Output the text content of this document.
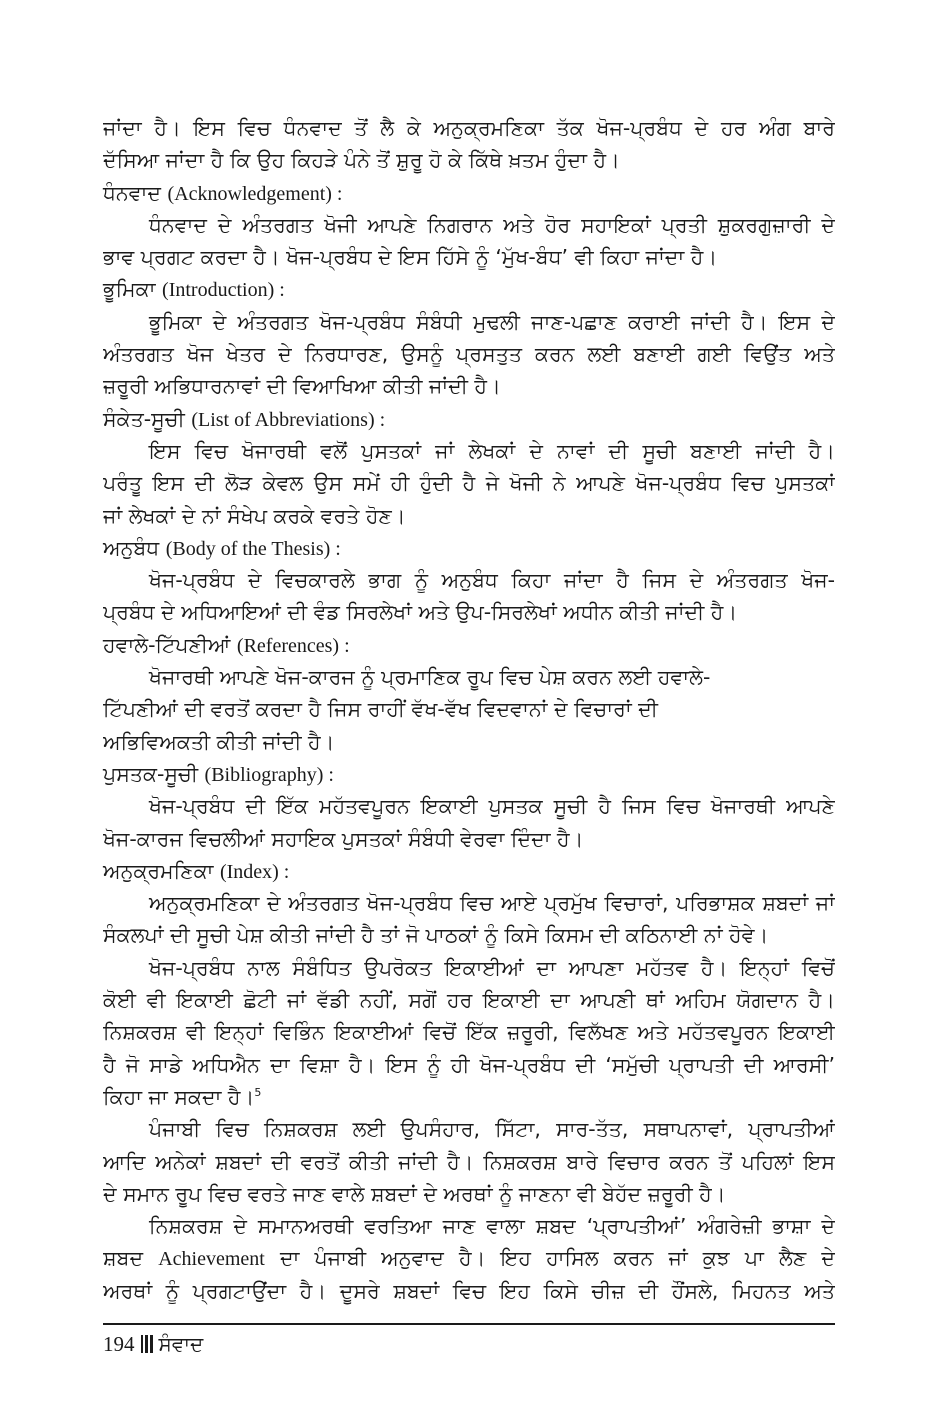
ਜਾਂਦਾ ਹੈ। ਇਸ ਵਿਚ ਧੰਨਵਾਦ ਤੋਂ ਲੈ ਕੇ ਅਨੁਕ੍ਰਮਣਿਕਾ ਤੱਕ ਖੋਜ-ਪ੍ਰਬੰਧ ਦੇ ਹਰ ਅੰਗ ਬਾਰੇ
ਦੱਸਿਆ ਜਾਂਦਾ ਹੈ ਕਿ ਉਹ ਕਿਹੜੇ ਪੰਨੇ ਤੋਂ ਸ਼ੁਰੂ ਹੋ ਕੇ ਕਿੱਥੇ ਖ਼ਤਮ ਹੁੰਦਾ ਹੈ।
ਧੰਨਵਾਦ (Acknowledgement) :
ਧੰਨਵਾਦ ਦੇ ਅੰਤਰਗਤ ਖੋਜੀ ਆਪਣੇ ਨਿਗਰਾਨ ਅਤੇ ਹੋਰ ਸਹਾਇਕਾਂ ਪ੍ਰਤੀ ਸ਼ੁਕਰਗੁਜ਼ਾਰੀ ਦੇ
ਭਾਵ ਪ੍ਰਗਟ ਕਰਦਾ ਹੈ। ਖੋਜ-ਪ੍ਰਬੰਧ ਦੇ ਇਸ ਹਿੱਸੇ ਨੂੰ ‘ਮੁੱਖ-ਬੰਧ’ ਵੀ ਕਿਹਾ ਜਾਂਦਾ ਹੈ।
ਭੂਮਿਕਾ (Introduction) :
ਭੂਮਿਕਾ ਦੇ ਅੰਤਰਗਤ ਖੋਜ-ਪ੍ਰਬੰਧ ਸੰਬੰਧੀ ਮੁਢਲੀ ਜਾਣ-ਪਛਾਣ ਕਰਾਈ ਜਾਂਦੀ ਹੈ। ਇਸ ਦੇ
ਅੰਤਰਗਤ ਖੋਜ ਖੇਤਰ ਦੇ ਨਿਰਧਾਰਣ, ਉਸਨੂੰ ਪ੍ਰਸਤੁਤ ਕਰਨ ਲਈ ਬਣਾਈ ਗਈ ਵਿਉਂਤ ਅਤੇ
ਜ਼ਰੂਰੀ ਅਭਿਧਾਰਨਾਵਾਂ ਦੀ ਵਿਆਖਿਆ ਕੀਤੀ ਜਾਂਦੀ ਹੈ।
ਸੰਕੇਤ-ਸੂਚੀ (List of Abbreviations) :
ਇਸ ਵਿਚ ਖੋਜਾਰਥੀ ਵਲੋਂ ਪੁਸਤਕਾਂ ਜਾਂ ਲੇਖਕਾਂ ਦੇ ਨਾਵਾਂ ਦੀ ਸੂਚੀ ਬਣਾਈ ਜਾਂਦੀ ਹੈ।
ਪਰੰਤੂ ਇਸ ਦੀ ਲੋੜ ਕੇਵਲ ਉਸ ਸਮੇਂ ਹੀ ਹੁੰਦੀ ਹੈ ਜੇ ਖੋਜੀ ਨੇ ਆਪਣੇ ਖੋਜ-ਪ੍ਰਬੰਧ ਵਿਚ ਪੁਸਤਕਾਂ
ਜਾਂ ਲੇਖਕਾਂ ਦੇ ਨਾਂ ਸੰਖੇਪ ਕਰਕੇ ਵਰਤੇ ਹੋਣ।
ਅਨੁਬੰਧ (Body of the Thesis) :
ਖੋਜ-ਪ੍ਰਬੰਧ ਦੇ ਵਿਚਕਾਰਲੇ ਭਾਗ ਨੂੰ ਅਨੁਬੰਧ ਕਿਹਾ ਜਾਂਦਾ ਹੈ ਜਿਸ ਦੇ ਅੰਤਰਗਤ ਖੋਜ-
ਪ੍ਰਬੰਧ ਦੇ ਅਧਿਆਇਆਂ ਦੀ ਵੰਡ ਸਿਰਲੇਖਾਂ ਅਤੇ ਉਪ-ਸਿਰਲੇਖਾਂ ਅਧੀਨ ਕੀਤੀ ਜਾਂਦੀ ਹੈ।
ਹਵਾਲੇ-ਟਿੱਪਣੀਆਂ (References) :
ਖੋਜਾਰਥੀ ਆਪਣੇ ਖੋਜ-ਕਾਰਜ ਨੂੰ ਪ੍ਰਮਾਣਿਕ ਰੂਪ ਵਿਚ ਪੇਸ਼ ਕਰਨ ਲਈ ਹਵਾਲੇ-
ਟਿੱਪਣੀਆਂ ਦੀ ਵਰਤੋਂ ਕਰਦਾ ਹੈ ਜਿਸ ਰਾਹੀਂ ਵੱਖ-ਵੱਖ ਵਿਦਵਾਨਾਂ ਦੇ ਵਿਚਾਰਾਂ ਦੀ
ਅਭਿਵਿਅਕਤੀ ਕੀਤੀ ਜਾਂਦੀ ਹੈ।
ਪੁਸਤਕ-ਸੂਚੀ (Bibliography) :
ਖੋਜ-ਪ੍ਰਬੰਧ ਦੀ ਇੱਕ ਮਹੱਤਵਪੂਰਨ ਇਕਾਈ ਪੁਸਤਕ ਸੂਚੀ ਹੈ ਜਿਸ ਵਿਚ ਖੋਜਾਰਥੀ ਆਪਣੇ
ਖੋਜ-ਕਾਰਜ ਵਿਚਲੀਆਂ ਸਹਾਇਕ ਪੁਸਤਕਾਂ ਸੰਬੰਧੀ ਵੇਰਵਾ ਦਿੰਦਾ ਹੈ।
ਅਨੁਕ੍ਰਮਣਿਕਾ (Index) :
ਅਨੁਕ੍ਰਮਣਿਕਾ ਦੇ ਅੰਤਰਗਤ ਖੋਜ-ਪ੍ਰਬੰਧ ਵਿਚ ਆਏ ਪ੍ਰਮੁੱਖ ਵਿਚਾਰਾਂ, ਪਰਿਭਾਸ਼ਕ ਸ਼ਬਦਾਂ ਜਾਂ
ਸੰਕਲਪਾਂ ਦੀ ਸੂਚੀ ਪੇਸ਼ ਕੀਤੀ ਜਾਂਦੀ ਹੈ ਤਾਂ ਜੋ ਪਾਠਕਾਂ ਨੂੰ ਕਿਸੇ ਕਿਸਮ ਦੀ ਕਠਿਨਾਈ ਨਾਂ ਹੋਵੇ।
ਖੋਜ-ਪ੍ਰਬੰਧ ਨਾਲ ਸੰਬੰਧਿਤ ਉਪਰੋਕਤ ਇਕਾਈਆਂ ਦਾ ਆਪਣਾ ਮਹੱਤਵ ਹੈ। ਇਨ੍ਹਾਂ ਵਿਚੋਂ
ਕੋਈ ਵੀ ਇਕਾਈ ਛੋਟੀ ਜਾਂ ਵੱਡੀ ਨਹੀਂ, ਸਗੋਂ ਹਰ ਇਕਾਈ ਦਾ ਆਪਣੀ ਥਾਂ ਅਹਿਮ ਯੋਗਦਾਨ ਹੈ।
ਨਿਸ਼ਕਰਸ਼ ਵੀ ਇਨ੍ਹਾਂ ਵਿਭਿੰਨ ਇਕਾਈਆਂ ਵਿਚੋਂ ਇੱਕ ਜ਼ਰੂਰੀ, ਵਿਲੱਖਣ ਅਤੇ ਮਹੱਤਵਪੂਰਨ ਇਕਾਈ
ਹੈ ਜੋ ਸਾਡੇ ਅਧਿਐਨ ਦਾ ਵਿਸ਼ਾ ਹੈ। ਇਸ ਨੂੰ ਹੀ ਖੋਜ-ਪ੍ਰਬੰਧ ਦੀ ‘ਸਮੁੱਚੀ ਪ੍ਰਾਪਤੀ ਦੀ ਆਰਸੀ’
ਕਿਹਾ ਜਾ ਸਕਦਾ ਹੈ।$^5$
ਪੰਜਾਬੀ ਵਿਚ ਨਿਸ਼ਕਰਸ਼ ਲਈ ਉਪਸੰਹਾਰ, ਸਿੱਟਾ, ਸਾਰ-ਤੱਤ, ਸਥਾਪਨਾਵਾਂ, ਪ੍ਰਾਪਤੀਆਂ
ਆਦਿ ਅਨੇਕਾਂ ਸ਼ਬਦਾਂ ਦੀ ਵਰਤੋਂ ਕੀਤੀ ਜਾਂਦੀ ਹੈ। ਨਿਸ਼ਕਰਸ਼ ਬਾਰੇ ਵਿਚਾਰ ਕਰਨ ਤੋਂ ਪਹਿਲਾਂ ਇਸ
ਦੇ ਸਮਾਨ ਰੂਪ ਵਿਚ ਵਰਤੇ ਜਾਣ ਵਾਲੇ ਸ਼ਬਦਾਂ ਦੇ ਅਰਥਾਂ ਨੂੰ ਜਾਣਨਾ ਵੀ ਬੇਹੱਦ ਜ਼ਰੂਰੀ ਹੈ।
ਨਿਸ਼ਕਰਸ਼ ਦੇ ਸਮਾਨਅਰਥੀ ਵਰਤਿਆ ਜਾਣ ਵਾਲਾ ਸ਼ਬਦ ‘ਪ੍ਰਾਪਤੀਆਂ’ ਅੰਗਰੇਜ਼ੀ ਭਾਸ਼ਾ ਦੇ
ਸ਼ਬਦ Achievement ਦਾ ਪੰਜਾਬੀ ਅਨੁਵਾਦ ਹੈ। ਇਹ ਹਾਸਿਲ ਕਰਨ ਜਾਂ ਕੁਝ ਪਾ ਲੈਣ ਦੇ
ਅਰਥਾਂ ਨੂੰ ਪ੍ਰਗਟਾਉਂਦਾ ਹੈ। ਦੂਸਰੇ ਸ਼ਬਦਾਂ ਵਿਚ ਇਹ ਕਿਸੇ ਚੀਜ਼ ਦੀ ਹੌਂਸਲੇ, ਮਿਹਨਤ ਅਤੇ
194 ਸੰਵਾਦ
